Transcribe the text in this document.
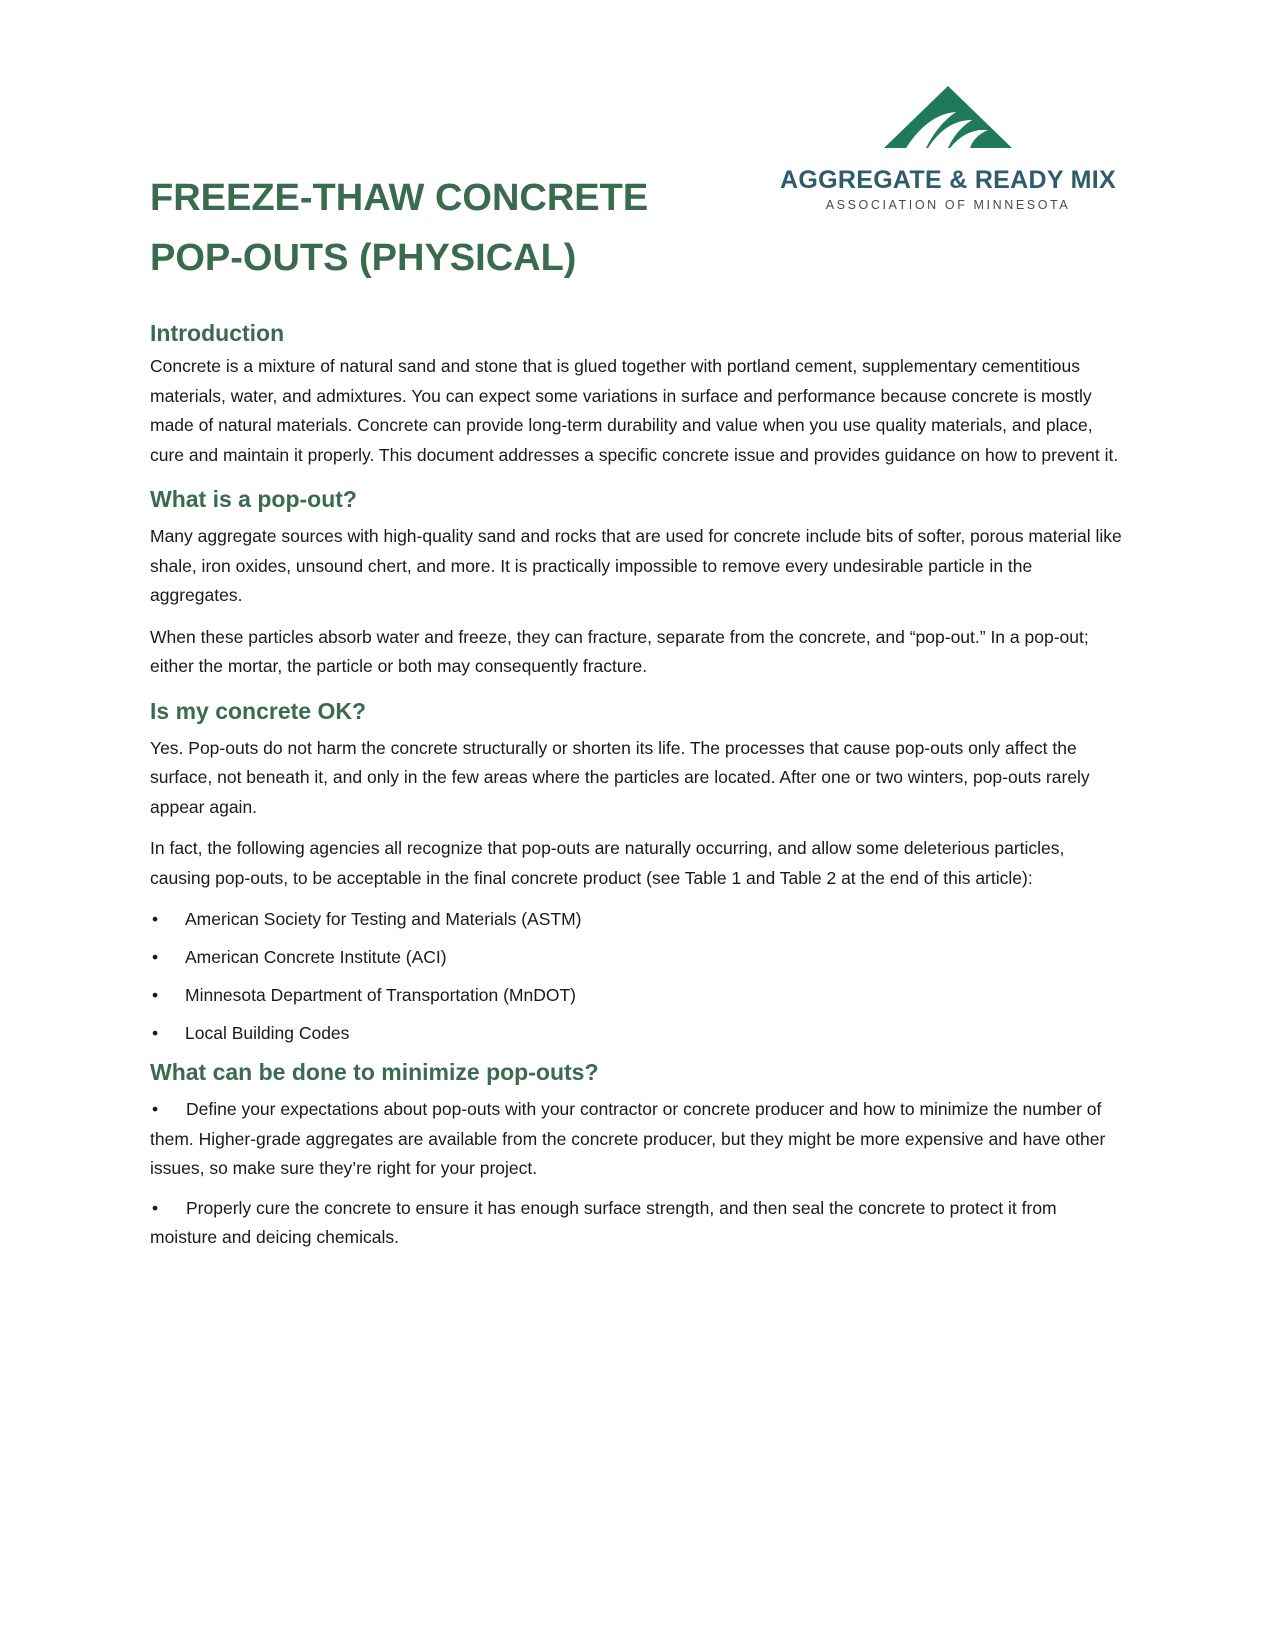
AGGREGATE & READY MIX
ASSOCIATION OF MINNESOTA
FREEZE-THAW CONCRETE POP-OUTS (PHYSICAL)
Introduction

Concrete is a mixture of natural sand and stone that is glued together with portland cement, supplementary cementitious materials, water, and admixtures. You can expect some variations in surface and performance because concrete is mostly made of natural materials. Concrete can provide long-term durability and value when you use quality materials, and place, cure and maintain it properly. This document addresses a specific concrete issue and provides guidance on how to prevent it.

What is a pop-out?

Many aggregate sources with high-quality sand and rocks that are used for concrete include bits of softer, porous material like shale, iron oxides, unsound chert, and more. It is practically impossible to remove every undesirable particle in the aggregates.

When these particles absorb water and freeze, they can fracture, separate from the concrete, and “pop-out.” In a pop-out; either the mortar, the particle or both may consequently fracture.

Is my concrete OK?

Yes. Pop-outs do not harm the concrete structurally or shorten its life. The processes that cause pop-outs only affect the surface, not beneath it, and only in the few areas where the particles are located. After one or two winters, pop-outs rarely appear again.

In fact, the following agencies all recognize that pop-outs are naturally occurring, and allow some deleterious particles, causing pop-outs, to be acceptable in the final concrete product (see Table 1 and Table 2 at the end of this article):

• American Society for Testing and Materials (ASTM)
• American Concrete Institute (ACI)
• Minnesota Department of Transportation (MnDOT)
• Local Building Codes
What can be done to minimize pop-outs?

• Define your expectations about pop-outs with your contractor or concrete producer and how to minimize the number of them. Higher-grade aggregates are available from the concrete producer, but they might be more expensive and have other issues, so make sure they’re right for your project.

• Properly cure the concrete to ensure it has enough surface strength, and then seal the concrete to protect it from moisture and deicing chemicals.
